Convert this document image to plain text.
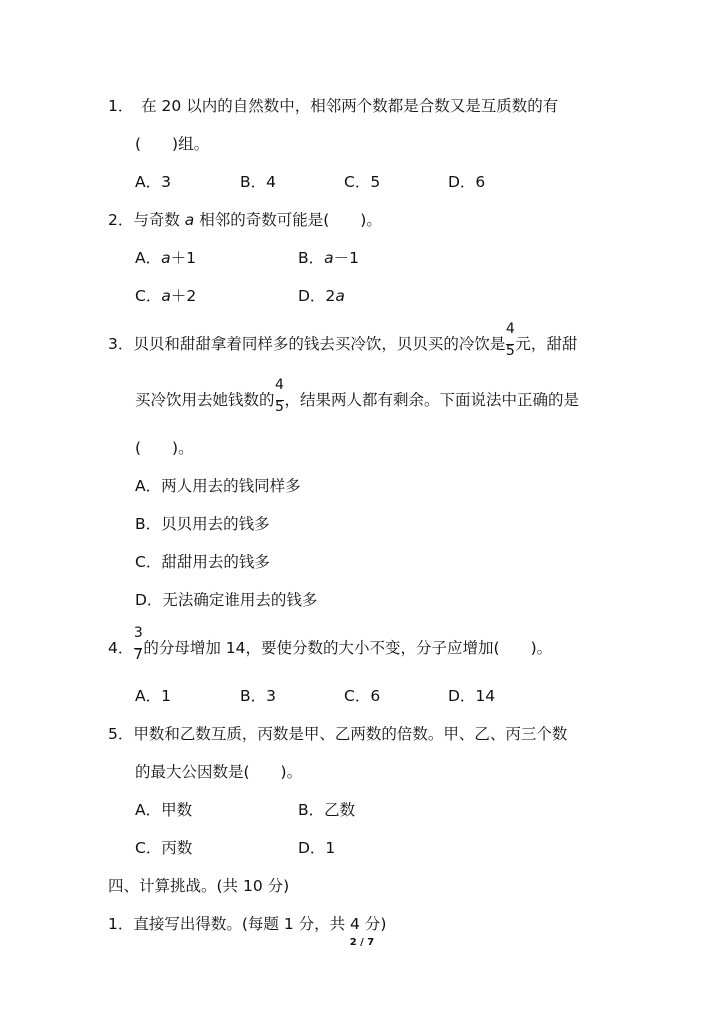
1．　在 20 以内的自然数中，相邻两个数都是合数又是互质数的有
(　　)组。
A．3	B．4	C．5	D．6
2．与奇数 a 相邻的奇数可能是(　　)。
A．a＋1	B．a－1
C．a＋2	D．2a
3．贝贝和甜甜拿着同样多的钱去买冷饮，贝贝买的冷饮是 $\frac{4}{5}$ 元，甜甜
买冷饮用去她钱数的 $\frac{4}{5}$ ，结果两人都有剩余。下面说法中正确的是
(　　)。
A．两人用去的钱同样多
B．贝贝用去的钱多
C．甜甜用去的钱多
D．无法确定谁用去的钱多
4． $\frac{3}{7}$ 的分母增加 14，要使分数的大小不变，分子应增加(　　)。
A．1	B．3	C．6	D．14
5．甲数和乙数互质，丙数是甲、乙两数的倍数。甲、乙、丙三个数
的最大公因数是(　　)。
A．甲数	B．乙数
C．丙数	D．1
四、计算挑战。(共 10 分)
1．直接写出得数。(每题 1 分，共 4 分)
2 / 7
